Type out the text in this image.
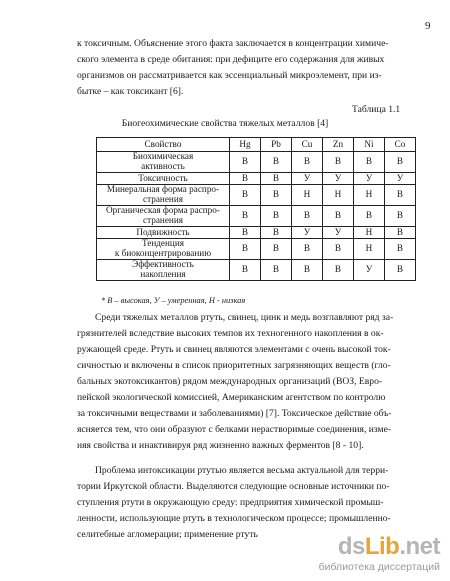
9
к токсичным. Объяснение этого факта заключается в концентрации химиче-
ского элемента в среде обитания: при дефиците его содержания для живых
организмов он рассматривается как эссенциальный микроэлемент, при из-
бытке – как токсикант [6].
Таблица 1.1
Биогеохимические свойства тяжелых металлов [4]
Свойство	Hg	Pb	Cu	Zn	Ni	Co

Биохимическая
активность	В	В	В	В	В	В

Токсичность	В	В	У	У	У	У

Минеральная форма распро-
странения	В	В	Н	Н	Н	В

Органическая форма распро-
странения	В	В	В	В	В	В

Подвижность	В	В	У	У	Н	В

Тенденция
к биоконцентрированию	В	В	В	В	Н	В

Эффективность
накопления	В	В	В	В	У	В
* В – высокая, У – умеренная, Н - низкая
Среди тяжелых металлов ртуть, свинец, цинк и медь возглавляют ряд за-
грязнителей вследствие высоких темпов их техногенного накопления в ок-
ружающей среде. Ртуть и свинец являются элементами с очень высокой ток-
сичностью и включены в список приоритетных загрязняющих веществ (гло-
бальных экотоксикантов) рядом международных организаций (ВОЗ, Евро-
пейской экологической комиссией, Американским агентством по контролю
за токсичными веществами и заболеваниями) [7]. Токсическое действие объ-
ясняется тем, что они образуют с белками нерастворимые соединения, изме-
няя свойства и инактивируя ряд жизненно важных ферментов [8 - 10].
Проблема интоксикации ртутью является весьма актуальной для терри-
тории Иркутской области. Выделяются следующие основные источники по-
ступления ртути в окружающую среду: предприятия химической промыш-
ленности, использующие ртуть в технологическом процессе; промышленно-
селитебные агломерации; применение ртуть	dsLib.net
библиотека диссертаций
